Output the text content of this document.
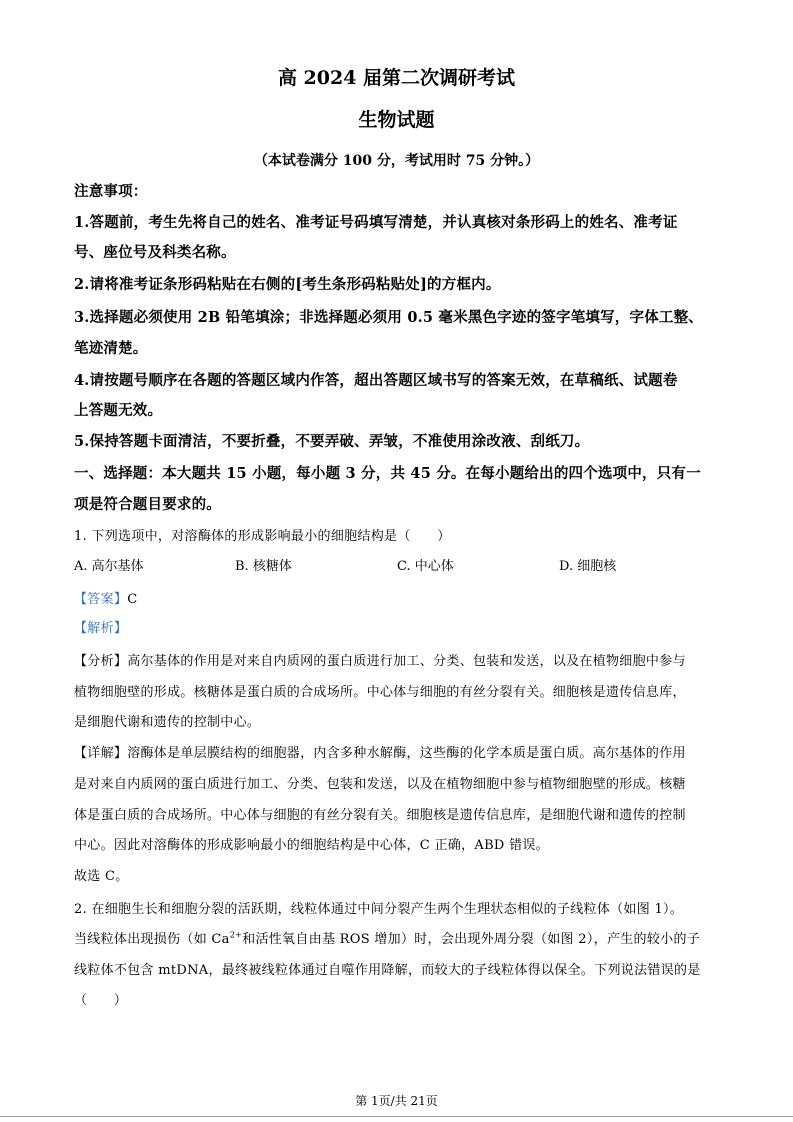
高 2024 届第二次调研考试
生物试题
（本试卷满分 100 分，考试用时 75 分钟。）
注意事项：
1.答题前，考生先将自己的姓名、准考证号码填写清楚，并认真核对条形码上的姓名、准考证
号、座位号及科类名称。
2.请将准考证条形码粘贴在右侧的[考生条形码粘贴处]的方框内。
3.选择题必须使用 2B 铅笔填涂；非选择题必须用 0.5 毫米黑色字迹的签字笔填写，字体工整、
笔迹清楚。
4.请按题号顺序在各题的答题区域内作答，超出答题区域书写的答案无效，在草稿纸、试题卷
上答题无效。
5.保持答题卡面清洁，不要折叠，不要弄破、弄皱，不准使用涂改液、刮纸刀。
一、选择题：本大题共 15 小题，每小题 3 分，共 45 分。在每小题给出的四个选项中，只有一
项是符合题目要求的。
1. 下列选项中，对溶酶体的形成影响最小的细胞结构是（　　）
A. 高尔基体	B. 核糖体	C. 中心体	D. 细胞核
【答案】C
【解析】
【分析】高尔基体的作用是对来自内质网的蛋白质进行加工、分类、包装和发送，以及在植物细胞中参与
植物细胞壁的形成。核糖体是蛋白质的合成场所。中心体与细胞的有丝分裂有关。细胞核是遗传信息库，
是细胞代谢和遗传的控制中心。
【详解】溶酶体是单层膜结构的细胞器，内含多种水解酶，这些酶的化学本质是蛋白质。高尔基体的作用
是对来自内质网的蛋白质进行加工、分类、包装和发送，以及在植物细胞中参与植物细胞壁的形成。核糖
体是蛋白质的合成场所。中心体与细胞的有丝分裂有关。细胞核是遗传信息库，是细胞代谢和遗传的控制
中心。因此对溶酶体的形成影响最小的细胞结构是中心体，C 正确，ABD 错误。
故选 C。
2. 在细胞生长和细胞分裂的活跃期，线粒体通过中间分裂产生两个生理状态相似的子线粒体（如图 1）。
当线粒体出现损伤（如 $Ca^{2+}$和活性氧自由基 ROS 增加）时，会出现外周分裂（如图 2），产生的较小的子
线粒体不包含 mtDNA，最终被线粒体通过自噬作用降解，而较大的子线粒体得以保全。下列说法错误的是
（　　）
第 1页/共 21页
